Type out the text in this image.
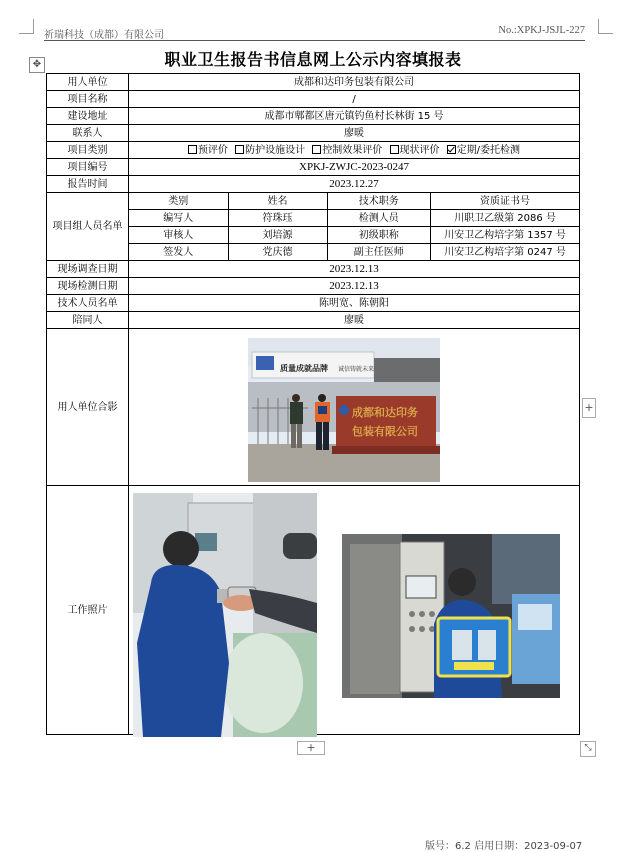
祈瑞科技（成都）有限公司	No.:XPKJ-JSJL-227
✥	职业卫生报告书信息网上公示内容填报表
用人单位	成都和达印务包装有限公司
项目名称	/
建设地址	成都市郫都区唐元镇钓鱼村长林街 15 号
联系人	廖暖
项目类别	预评价 防护设施设计 控制效果评价 现状评价 定期/委托检测
项目编号	XPKJ-ZWJC-2023-0247
报告时间	2023.12.27
项目组人员名单	
类别	姓名	技术职务	资质证书号
编写人	符珠珏	检测人员	川职卫乙级第 2086 号
审核人	刘培源	初级职称	川安卫乙构培字第 1357 号
签发人	党庆德	副主任医师	川安卫乙构培字第 0247 号

现场调查日期	2023.12.13
现场检测日期	2023.12.13
技术人员名单	陈明宽、陈朝阳
陪同人	廖暖
用人单位合影	
工作照片	
质量成就品牌 诚信铸就未来
成都和达印务
包装有限公司
+
+	⤡
版号：6.2 启用日期：2023-09-07
